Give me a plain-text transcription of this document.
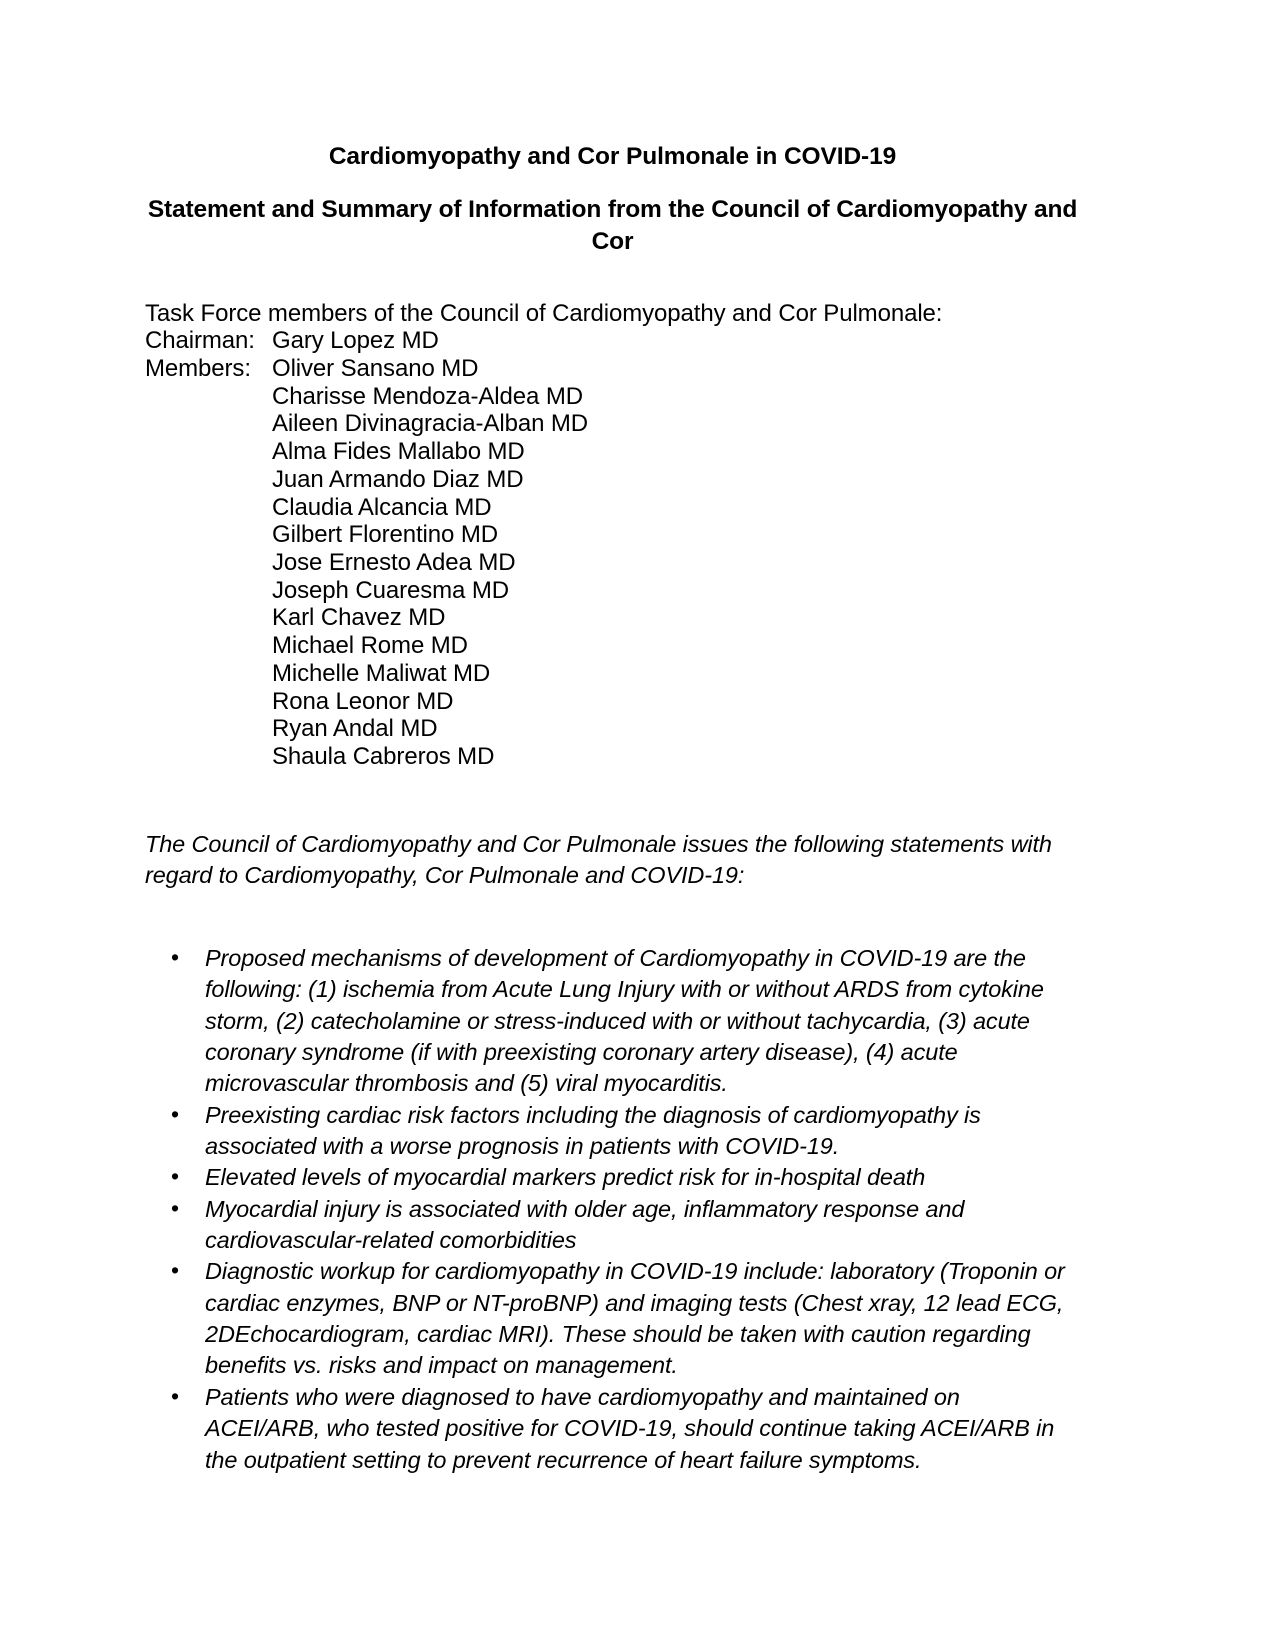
Cardiomyopathy and Cor Pulmonale in COVID-19
Statement and Summary of Information from the Council of Cardiomyopathy and Cor
Task Force members of the Council of Cardiomyopathy and Cor Pulmonale:
Chairman: Gary Lopez MD
Members: Oliver Sansano MD
Charisse Mendoza-Aldea MD
Aileen Divinagracia-Alban MD
Alma Fides Mallabo MD
Juan Armando Diaz MD
Claudia Alcancia MD
Gilbert Florentino MD
Jose Ernesto Adea MD
Joseph Cuaresma MD
Karl Chavez MD
Michael Rome MD
Michelle Maliwat MD
Rona Leonor MD
Ryan Andal MD
Shaula Cabreros MD

The Council of Cardiomyopathy and Cor Pulmonale issues the following statements with regard to Cardiomyopathy, Cor Pulmonale and COVID-19:

• Proposed mechanisms of development of Cardiomyopathy in COVID-19 are the following: (1) ischemia from Acute Lung Injury with or without ARDS from cytokine storm, (2) catecholamine or stress-induced with or without tachycardia, (3) acute coronary syndrome (if with preexisting coronary artery disease), (4) acute microvascular thrombosis and (5) viral myocarditis.
• Preexisting cardiac risk factors including the diagnosis of cardiomyopathy is associated with a worse prognosis in patients with COVID-19.
• Elevated levels of myocardial markers predict risk for in-hospital death
• Myocardial injury is associated with older age, inflammatory response and cardiovascular-related comorbidities
• Diagnostic workup for cardiomyopathy in COVID-19 include: laboratory (Troponin or cardiac enzymes, BNP or NT-proBNP) and imaging tests (Chest xray, 12 lead ECG, 2DEchocardiogram, cardiac MRI). These should be taken with caution regarding benefits vs. risks and impact on management.
• Patients who were diagnosed to have cardiomyopathy and maintained on ACEI/ARB, who tested positive for COVID-19, should continue taking ACEI/ARB in the outpatient setting to prevent recurrence of heart failure symptoms.
